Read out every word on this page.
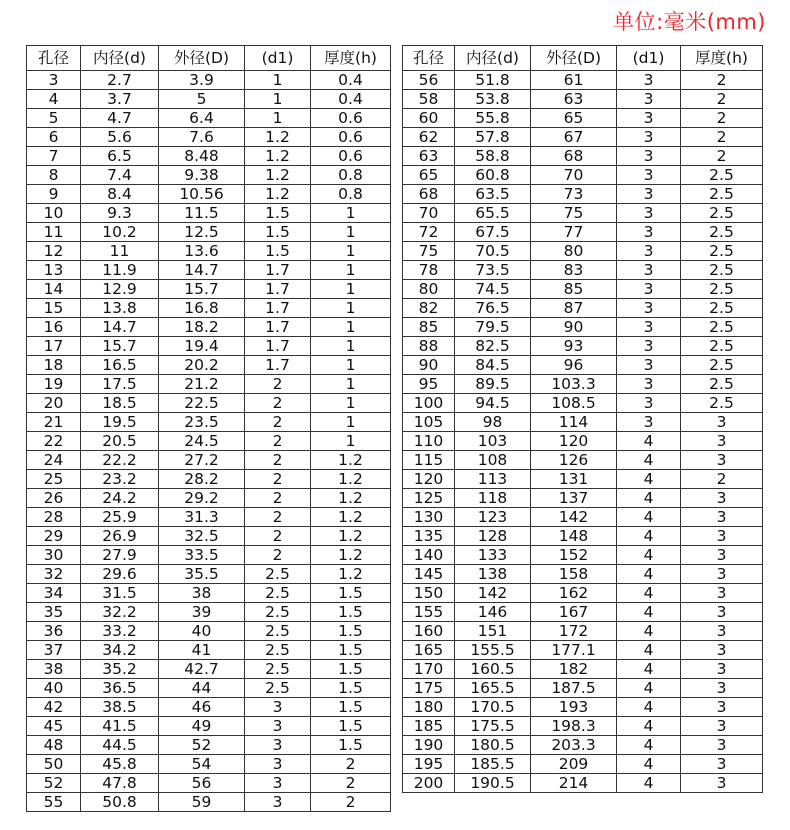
单位:毫米(mm)
孔径	内径(d)	外径(D)	(d1)	厚度(h)
3	2.7	3.9	1	0.4
4	3.7	5	1	0.4
5	4.7	6.4	1	0.6
6	5.6	7.6	1.2	0.6
7	6.5	8.48	1.2	0.6
8	7.4	9.38	1.2	0.8
9	8.4	10.56	1.2	0.8
10	9.3	11.5	1.5	1
11	10.2	12.5	1.5	1
12	11	13.6	1.5	1
13	11.9	14.7	1.7	1
14	12.9	15.7	1.7	1
15	13.8	16.8	1.7	1
16	14.7	18.2	1.7	1
17	15.7	19.4	1.7	1
18	16.5	20.2	1.7	1
19	17.5	21.2	2	1
20	18.5	22.5	2	1
21	19.5	23.5	2	1
22	20.5	24.5	2	1
24	22.2	27.2	2	1.2
25	23.2	28.2	2	1.2
26	24.2	29.2	2	1.2
28	25.9	31.3	2	1.2
29	26.9	32.5	2	1.2
30	27.9	33.5	2	1.2
32	29.6	35.5	2.5	1.2
34	31.5	38	2.5	1.5
35	32.2	39	2.5	1.5
36	33.2	40	2.5	1.5
37	34.2	41	2.5	1.5
38	35.2	42.7	2.5	1.5
40	36.5	44	2.5	1.5
42	38.5	46	3	1.5
45	41.5	49	3	1.5
48	44.5	52	3	1.5
50	45.8	54	3	2
52	47.8	56	3	2
55	50.8	59	3	2
孔径	内径(d)	外径(D)	(d1)	厚度(h)
56	51.8	61	3	2
58	53.8	63	3	2
60	55.8	65	3	2
62	57.8	67	3	2
63	58.8	68	3	2
65	60.8	70	3	2.5
68	63.5	73	3	2.5
70	65.5	75	3	2.5
72	67.5	77	3	2.5
75	70.5	80	3	2.5
78	73.5	83	3	2.5
80	74.5	85	3	2.5
82	76.5	87	3	2.5
85	79.5	90	3	2.5
88	82.5	93	3	2.5
90	84.5	96	3	2.5
95	89.5	103.3	3	2.5
100	94.5	108.5	3	2.5
105	98	114	3	3
110	103	120	4	3
115	108	126	4	3
120	113	131	4	2
125	118	137	4	3
130	123	142	4	3
135	128	148	4	3
140	133	152	4	3
145	138	158	4	3
150	142	162	4	3
155	146	167	4	3
160	151	172	4	3
165	155.5	177.1	4	3
170	160.5	182	4	3
175	165.5	187.5	4	3
180	170.5	193	4	3
185	175.5	198.3	4	3
190	180.5	203.3	4	3
195	185.5	209	4	3
200	190.5	214	4	3
